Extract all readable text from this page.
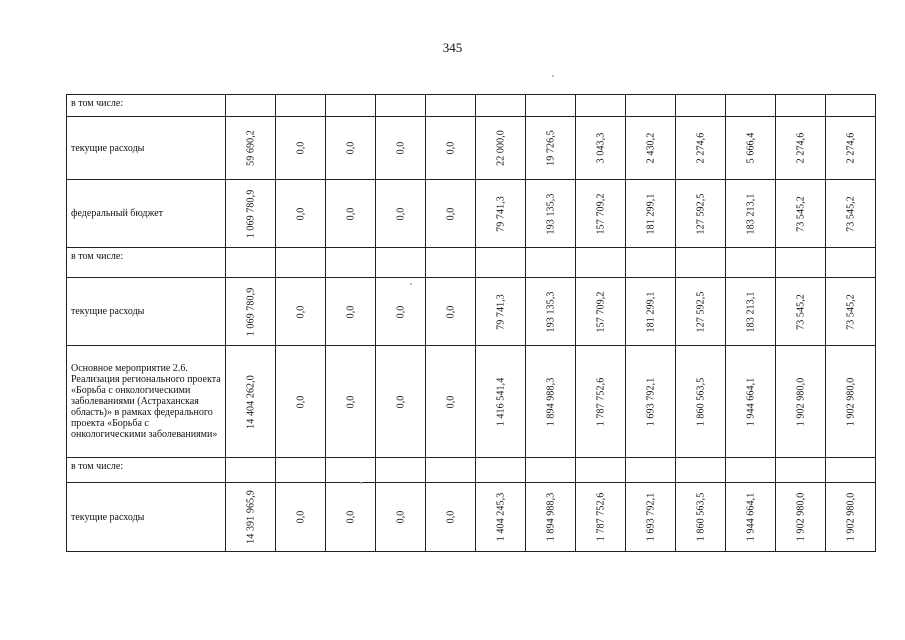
345
в том числе:	

текущие расходы	59 690,2	0,0	0,0	0,0	0,0	22 000,0	19 726,5	3 043,3	2 430,2	2 274,6	5 666,4	2 274,6	2 274,6

федеральный бюджет	1 069 780,9	0,0	0,0	0,0	0,0	79 741,3	193 135,3	157 709,2	181 299,1	127 592,5	183 213,1	73 545,2	73 545,2

в том числе:	

текущие расходы	1 069 780,9	0,0	0,0	0,0	0,0	79 741,3	193 135,3	157 709,2	181 299,1	127 592,5	183 213,1	73 545,2	73 545,2

Основное мероприятие 2.6. Реализация регионального проекта «Борьба с онкологическими заболеваниями (Астраханская область)» в рамках федерального проекта «Борьба с онкологическими заболеваниями»	14 404 262,0	0,0	0,0	0,0	0,0	1 416 541,4	1 894 988,3	1 787 752,6	1 693 792,1	1 860 563,5	1 944 664,1	1 902 980,0	1 902 980,0

в том числе:	

текущие расходы	14 391 965,9	0,0	0,0	0,0	0,0	1 404 245,3	1 894 988,3	1 787 752,6	1 693 792,1	1 860 563,5	1 944 664,1	1 902 980,0	1 902 980,0
